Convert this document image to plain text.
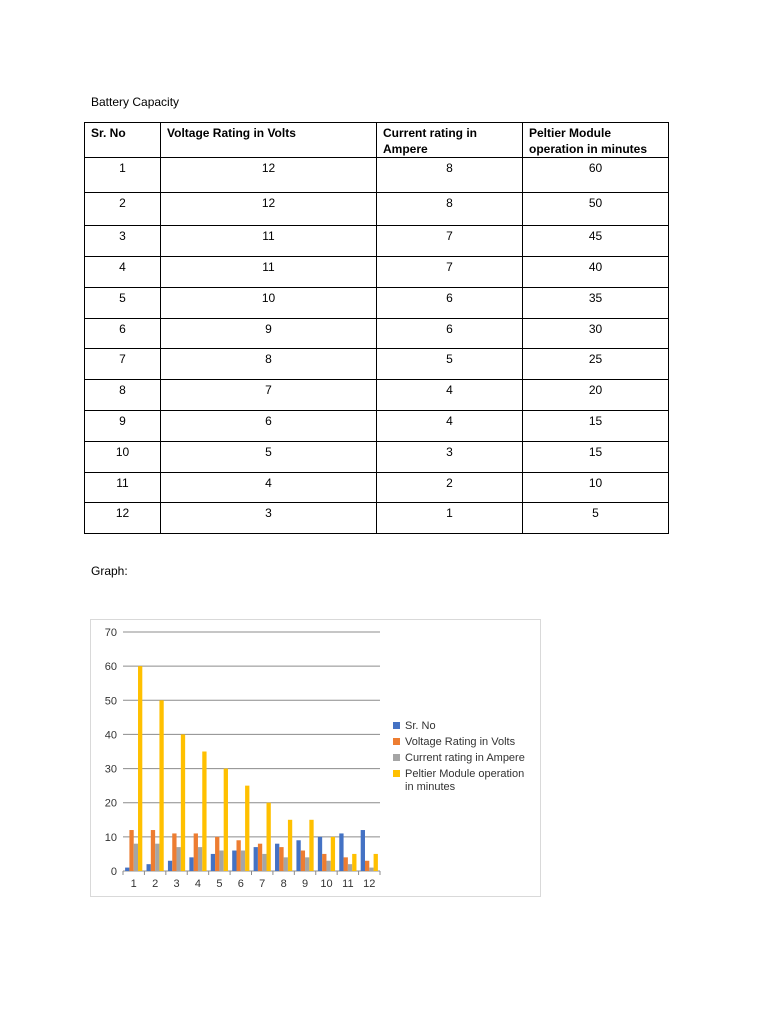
Battery Capacity
Sr. No	Voltage Rating in Volts	Current rating in Ampere	Peltier Module operation in minutes
1	12	8	60
2	12	8	50
3	11	7	45
4	11	7	40
5	10	6	35
6	9	6	30
7	8	5	25
8	7	4	20
9	6	4	15
10	5	3	15
11	4	2	10
12	3	1	5
Graph:
0
10
20
30
40
50
60
70
1 2 3 4 5 6 7 8 9 10 11 12
Sr. No
Voltage Rating in Volts
Current rating in Ampere
Peltier Module operation
in minutes
